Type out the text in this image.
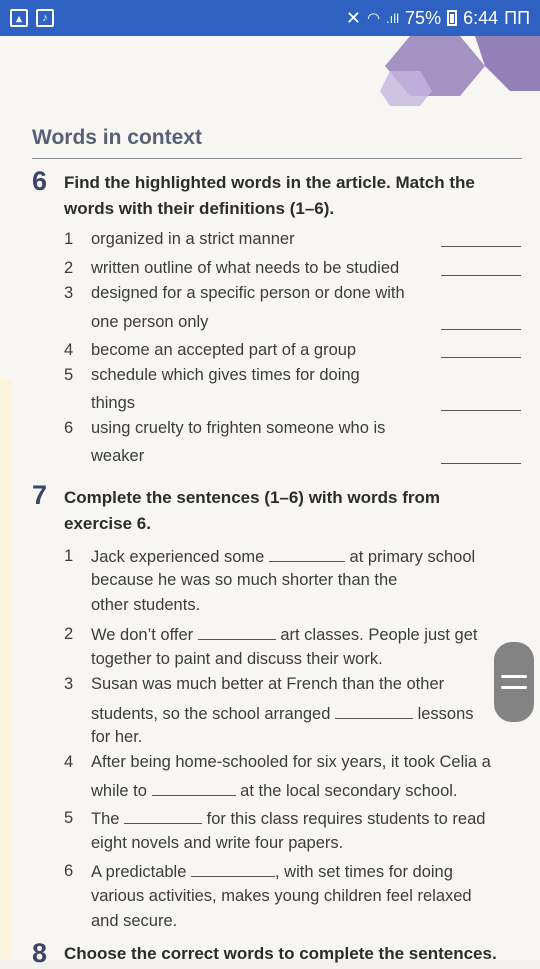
▴	♪	✕ ◠ .ıll 75% 6:44 ПП
Words in context
6 Find the highlighted words in the article. Match the
words with their definitions (1–6).
1 organized in a strict manner
2 written outline of what needs to be studied
3 designed for a specific person or done with
one person only
4 become an accepted part of a group
5 schedule which gives times for doing
things
6 using cruelty to frighten someone who is
weaker
7 Complete the sentences (1–6) with words from
exercise 6.
1 Jack experienced some	at primary school
because he was so much shorter than the
other students.
2 We don’t offer	art classes. People just get
together to paint and discuss their work.
3 Susan was much better at French than the other
students, so the school arranged	lessons
for her.
4 After being home-schooled for six years, it took Celia a
while to	at the local secondary school.
5 The	for this class requires students to read
eight novels and write four papers.
6 A predictable	, with set times for doing
various activities, makes young children feel relaxed
and secure.
8 Choose the correct words to complete the sentences.
